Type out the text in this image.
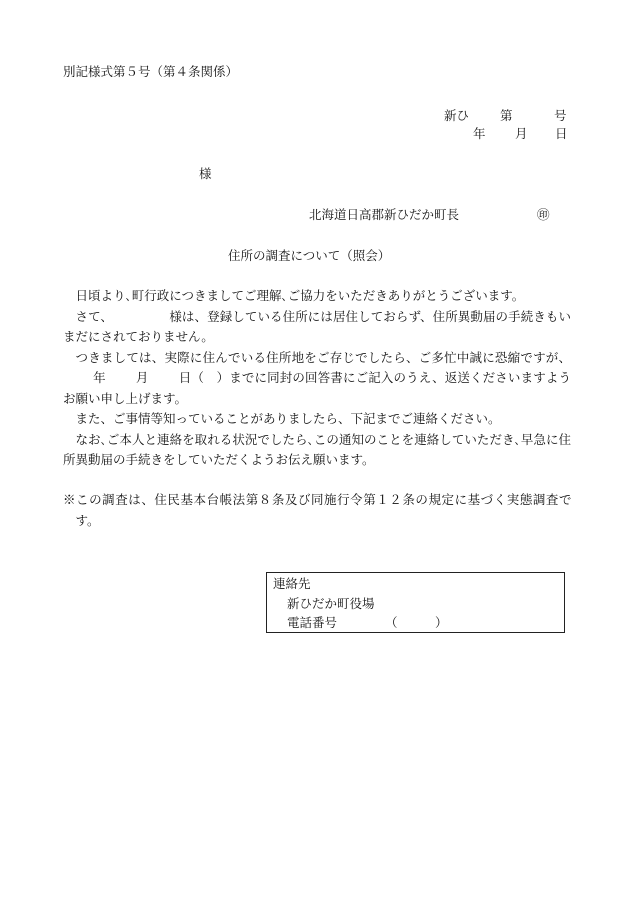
別記様式第５号（第４条関係）
新ひ 第	号
年 月 日
様
北海道日高郡新ひだか町長	㊞
住所の調査について（照会）

日頃より､町行政につきましてご理解､ご協力をいただきありがとうございます。

さて、	様は、登録している住所には居住しておらず、住所異動届の手続きもいまだにされておりません。

つきましては、実際に住んでいる住所地をご存じでしたら、ご多忙中誠に恐縮ですが、年 月 日（　）までに同封の回答書にご記入のうえ、返送くださいますようお願い申し上げます。

また、ご事情等知っていることがありましたら、下記までご連絡ください。

なお､ご本人と連絡を取れる状況でしたら､この通知のことを連絡していただき､早急に住所異動届の手続きをしていただくようお伝え願います。

※この調査は、住民基本台帳法第８条及び同施行令第１２条の規定に基づく実態調査です。
連絡先
新ひだか町役場
電話番号	（　　　）
